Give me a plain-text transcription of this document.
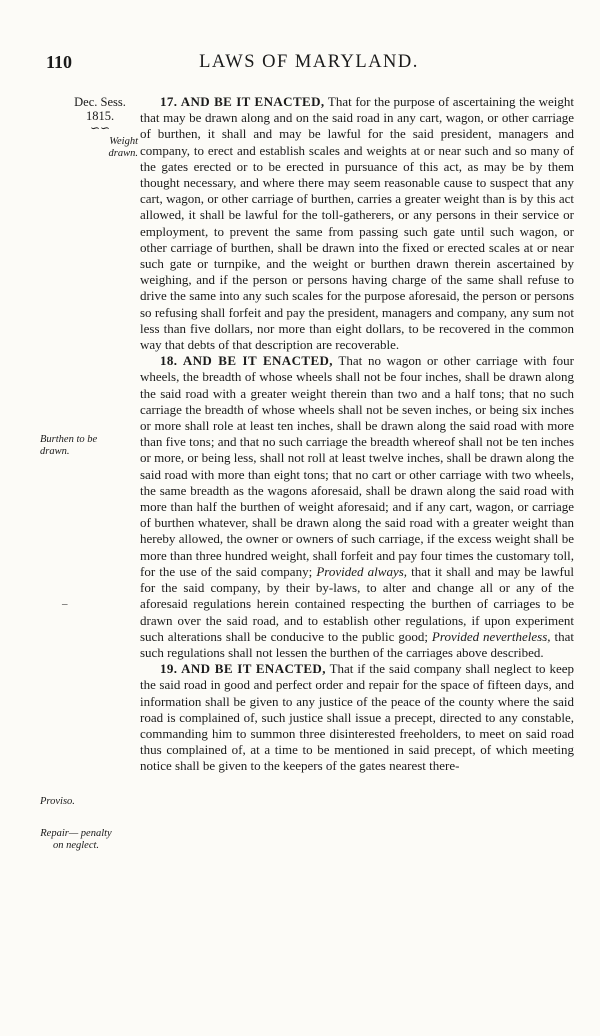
110	LAWS OF MARYLAND.
Dec. Sess.
1815.
∽∽
Weight drawn.
Burthen to be drawn.
Proviso.
Repair— penalty on neglect.
–

17. AND BE IT ENACTED, That for the purpose of ascertaining the weight that may be drawn along and on the said road in any cart, wagon, or other carriage of burthen, it shall and may be lawful for the said president, managers and company, to erect and establish scales and weights at or near such and so many of the gates erected or to be erected in pursuance of this act, as may be by them thought necessary, and where there may seem reasonable cause to suspect that any cart, wagon, or other carriage of burthen, carries a greater weight than is by this act allowed, it shall be lawful for the toll-gatherers, or any persons in their service or employment, to prevent the same from passing such gate until such wagon, or other carriage of burthen, shall be drawn into the fixed or erected scales at or near such gate or turnpike, and the weight or burthen drawn therein ascertained by weighing, and if the person or persons having charge of the same shall refuse to drive the same into any such scales for the purpose aforesaid, the person or persons so refusing shall forfeit and pay the president, managers and company, any sum not less than five dollars, nor more than eight dollars, to be recovered in the common way that debts of that description are recoverable.

18. AND BE IT ENACTED, That no wagon or other carriage with four wheels, the breadth of whose wheels shall not be four inches, shall be drawn along the said road with a greater weight therein than two and a half tons; that no such carriage the breadth of whose wheels shall not be seven inches, or being six inches or more shall role at least ten inches, shall be drawn along the said road with more than five tons; and that no such carriage the breadth whereof shall not be ten inches or more, or being less, shall not roll at least twelve inches, shall be drawn along the said road with more than eight tons; that no cart or other carriage with two wheels, the same breadth as the wagons aforesaid, shall be drawn along the said road with more than half the burthen of weight aforesaid; and if any cart, wagon, or carriage of burthen whatever, shall be drawn along the said road with a greater weight than hereby allowed, the owner or owners of such carriage, if the excess weight shall be more than three hundred weight, shall forfeit and pay four times the customary toll, for the use of the said company; Provided always, that it shall and may be lawful for the said company, by their by-laws, to alter and change all or any of the aforesaid regulations herein contained respecting the burthen of carriages to be drawn over the said road, and to establish other regulations, if upon experiment such alterations shall be conducive to the public good; Provided nevertheless, that such regulations shall not lessen the burthen of the carriages above described.

19. AND BE IT ENACTED, That if the said company shall neglect to keep the said road in good and perfect order and repair for the space of fifteen days, and information shall be given to any justice of the peace of the county where the said road is complained of, such justice shall issue a precept, directed to any constable, commanding him to summon three disinterested freeholders, to meet on said road thus complained of, at a time to be mentioned in said precept, of which meeting notice shall be given to the keepers of the gates nearest there-
